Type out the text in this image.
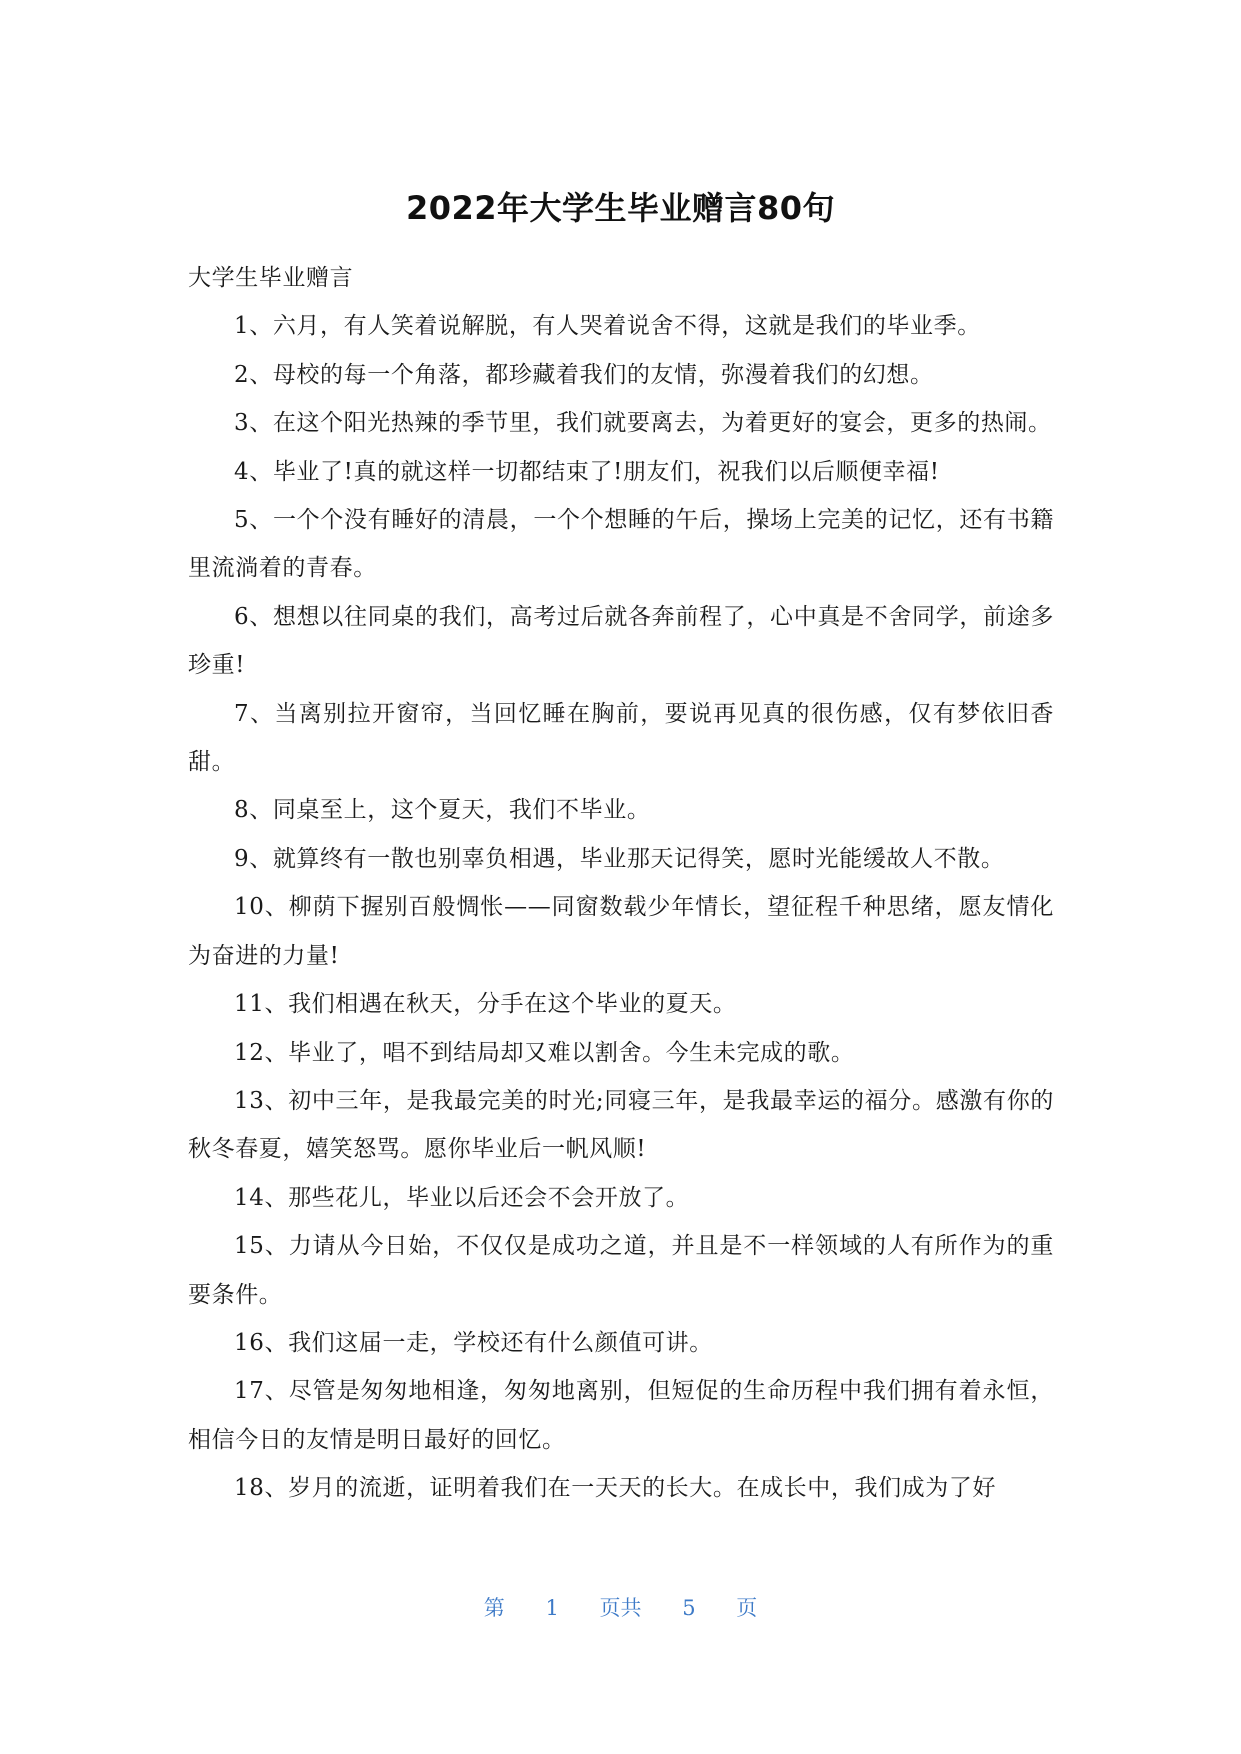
2022年大学生毕业赠言80句

大学生毕业赠言

1、六月，有人笑着说解脱，有人哭着说舍不得，这就是我们的毕业季。

2、母校的每一个角落，都珍藏着我们的友情，弥漫着我们的幻想。

3、在这个阳光热辣的季节里，我们就要离去，为着更好的宴会，更多的热闹。

4、毕业了!真的就这样一切都结束了!朋友们，祝我们以后顺便幸福!

5、一个个没有睡好的清晨，一个个想睡的午后，操场上完美的记忆，还有书籍里流淌着的青春。

6、想想以往同桌的我们，高考过后就各奔前程了，心中真是不舍同学，前途多珍重!

7、当离别拉开窗帘，当回忆睡在胸前，要说再见真的很伤感，仅有梦依旧香甜。

8、同桌至上，这个夏天，我们不毕业。

9、就算终有一散也别辜负相遇，毕业那天记得笑，愿时光能缓故人不散。

10、柳荫下握别百般惆怅——同窗数载少年情长，望征程千种思绪，愿友情化为奋进的力量!

11、我们相遇在秋天，分手在这个毕业的夏天。

12、毕业了，唱不到结局却又难以割舍。今生未完成的歌。

13、初中三年，是我最完美的时光;同寝三年，是我最幸运的福分。感激有你的秋冬春夏，嬉笑怒骂。愿你毕业后一帆风顺!

14、那些花儿，毕业以后还会不会开放了。

15、力请从今日始，不仅仅是成功之道，并且是不一样领域的人有所作为的重要条件。

16、我们这届一走，学校还有什么颜值可讲。

17、尽管是匆匆地相逢，匆匆地离别，但短促的生命历程中我们拥有着永恒，相信今日的友情是明日最好的回忆。

18、岁月的流逝，证明着我们在一天天的长大。在成长中，我们成为了好

第 1 页共 5 页
